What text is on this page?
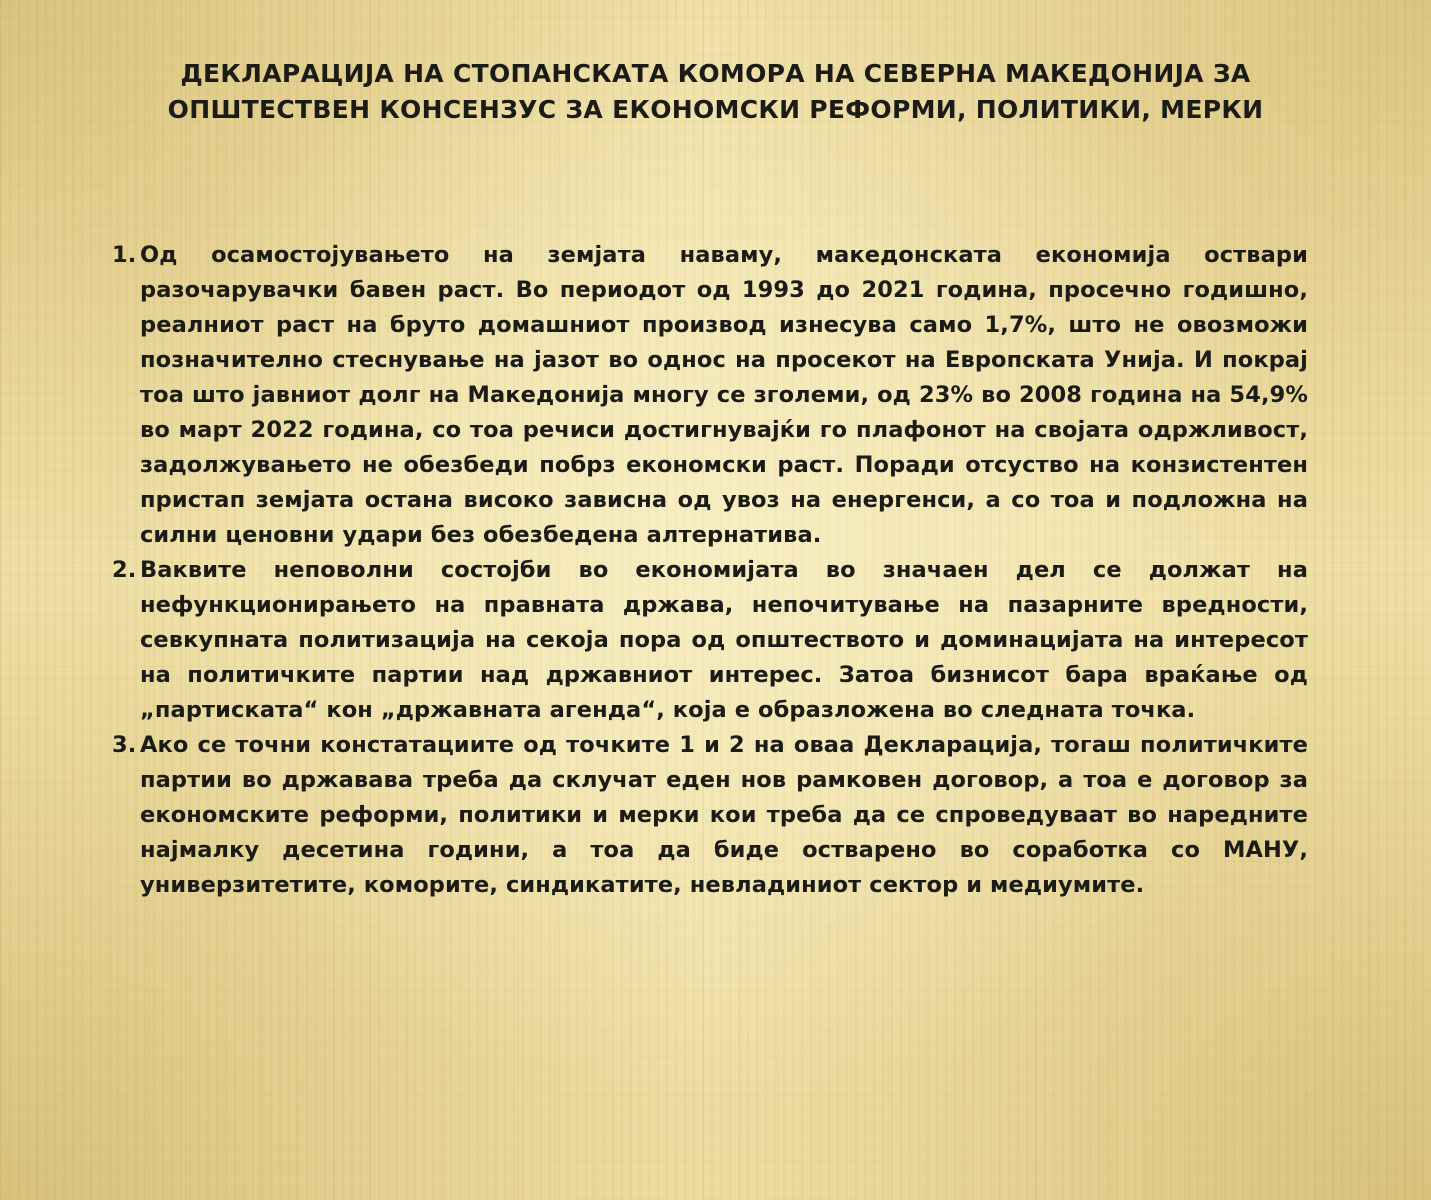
ДЕКЛАРАЦИЈА НА СТОПАНСКАТА КОМОРА НА СЕВЕРНА МАКЕДОНИЈА ЗА
ОПШТЕСТВЕН КОНСЕНЗУС ЗА ЕКОНОМСКИ РЕФОРМИ, ПОЛИТИКИ, МЕРКИ
1. Од осамостојувањето на земјата наваму, македонската економија оствари разочарувачки бавен раст. Во периодот од 1993 до 2021 година, просечно годишно, реалниот раст на бруто домашниот производ изнесува само 1,7%, што не овозможи позначително стеснување на јазот во однос на просекот на Европската Унија. И покрај тоа што јавниот долг на Македонија многу се зголеми, од 23% во 2008 година на 54,9% во март 2022 година, со тоа речиси достигнувајќи го плафонот на својата одржливост, задолжувањето не обезбеди побрз економски раст. Поради отсуство на конзистентен пристап земјата остана високо зависна од увоз на енергенси, а со тоа и подложна на силни ценовни удари без обезбедена алтернатива.
2. Ваквите неповолни состојби во економијата во значаен дел се должат на нефункционирањето на правната држава, непочитување на пазарните вредности, севкупната политизација на секоја пора од општеството и доминацијата на интересот на политичките партии над државниот интерес. Затоа бизнисот бара враќање од „партиската“ кон „државната агенда“, која е образложена во следната точка.
3. Ако се точни констатациите од точките 1 и 2 на оваа Декларација, тогаш политичките партии во државава треба да склучат еден нов рамковен договор, а тоа е договор за економските реформи, политики и мерки кои треба да се спроведуваат во наредните најмалку десетина години, а тоа да биде остварено во соработка со МАНУ, универзитетите, коморите, синдикатите, невладиниот сектор и медиумите.
